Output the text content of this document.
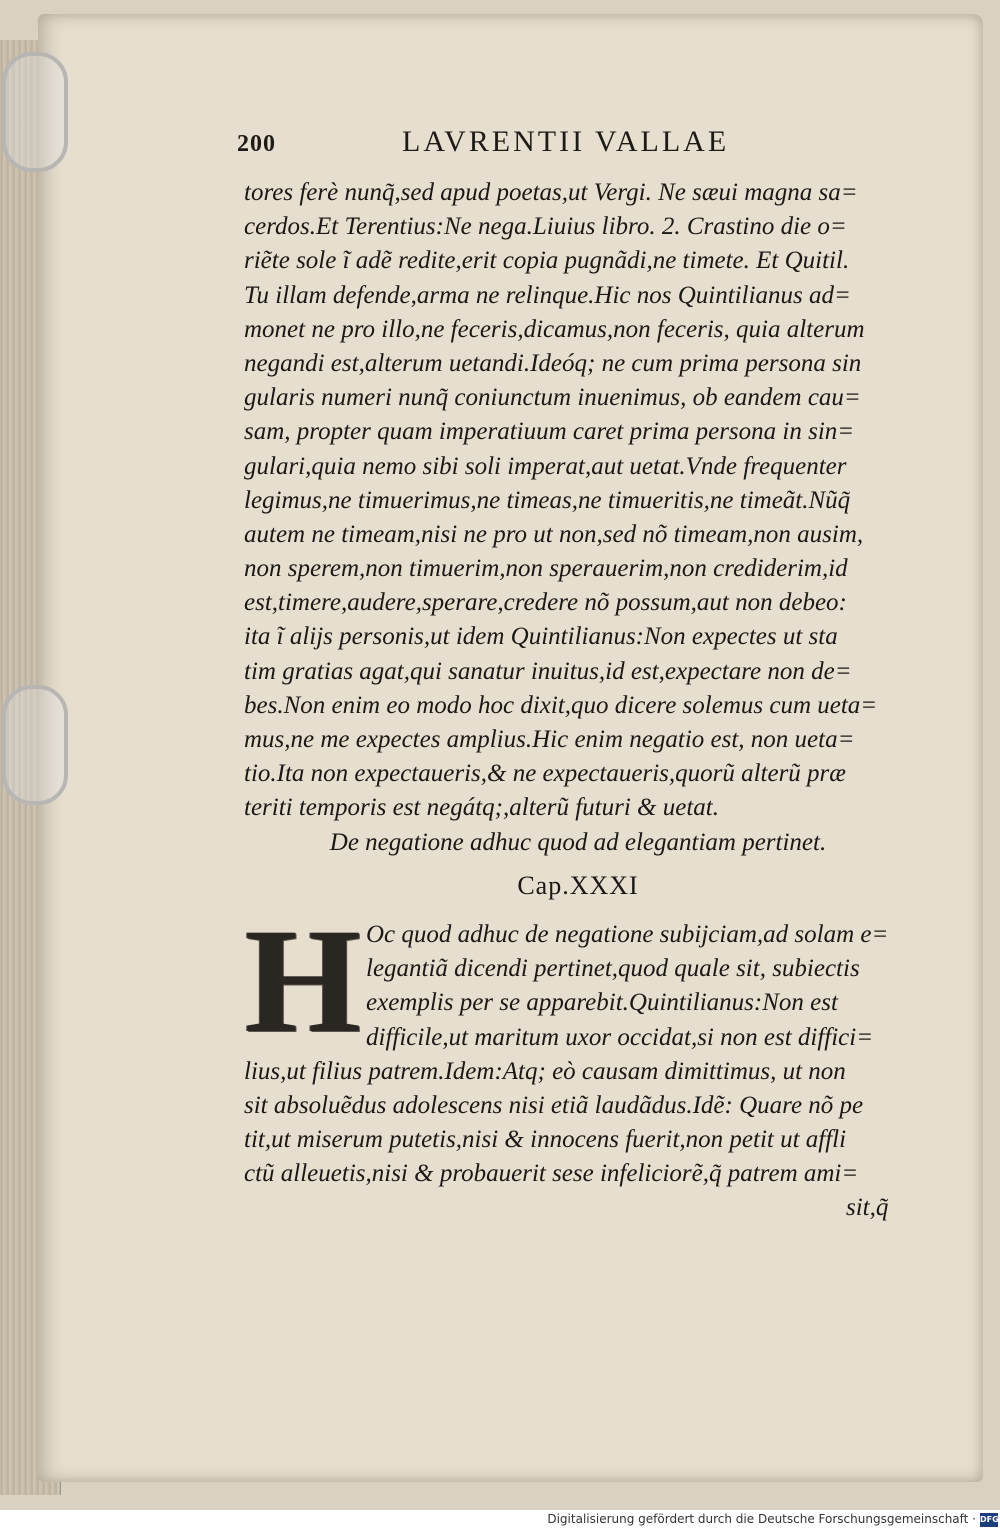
200	LAVRENTII VALLAE
tores ferè nunq̃,sed apud poetas,ut Vergi. Ne sæui magna sa=
cerdos.Et Terentius:Ne nega.Liuius libro. 2. Crastino die o=
riẽte sole ĩ adẽ redite,erit copia pugnãdi,ne timete. Et Quitil.
Tu illam defende,arma ne relinque.Hic nos Quintilianus ad=
monet ne pro illo,ne feceris,dicamus,non feceris, quia alterum
negandi est,alterum uetandi.Ideóq; ne cum prima persona sin
gularis numeri nunq̃ coniunctum inuenimus, ob eandem cau=
sam, propter quam imperatiuum caret prima persona in sin=
gulari,quia nemo sibi soli imperat,aut uetat.Vnde frequenter
legimus,ne timuerimus,ne timeas,ne timueritis,ne timeãt.Nũq̃
autem ne timeam,nisi ne pro ut non,sed nõ timeam,non ausim,
non sperem,non timuerim,non sperauerim,non crediderim,id
est,timere,audere,sperare,credere nõ possum,aut non debeo:
ita ĩ alijs personis,ut idem Quintilianus:Non expectes ut sta
tim gratias agat,qui sanatur inuitus,id est,expectare non de=
bes.Non enim eo modo hoc dixit,quo dicere solemus cum ueta=
mus,ne me expectes amplius.Hic enim negatio est, non ueta=
tio.Ita non expectaueris,& ne expectaueris,quorũ alterũ præ
teriti temporis est negátq;,alterũ futuri & uetat.
De negatione adhuc quod ad elegantiam pertinet.
Cap.XXXI
H Oc quod adhuc de negatione subijciam,ad solam e=
legantiã dicendi pertinet,quod quale sit, subiectis
exemplis per se apparebit.Quintilianus:Non est
difficile,ut maritum uxor occidat,si non est diffici=
lius,ut filius patrem.Idem:Atq; eò causam dimittimus, ut non
sit absoluẽdus adolescens nisi etiã laudãdus.Idẽ: Quare nõ pe
tit,ut miserum putetis,nisi & innocens fuerit,non petit ut affli
ctũ alleuetis,nisi & probauerit sese infeliciorẽ,q̃ patrem ami=
sit,q̃
Digitalisierung gefördert durch die Deutsche Forschungsgemeinschaft · DFG
